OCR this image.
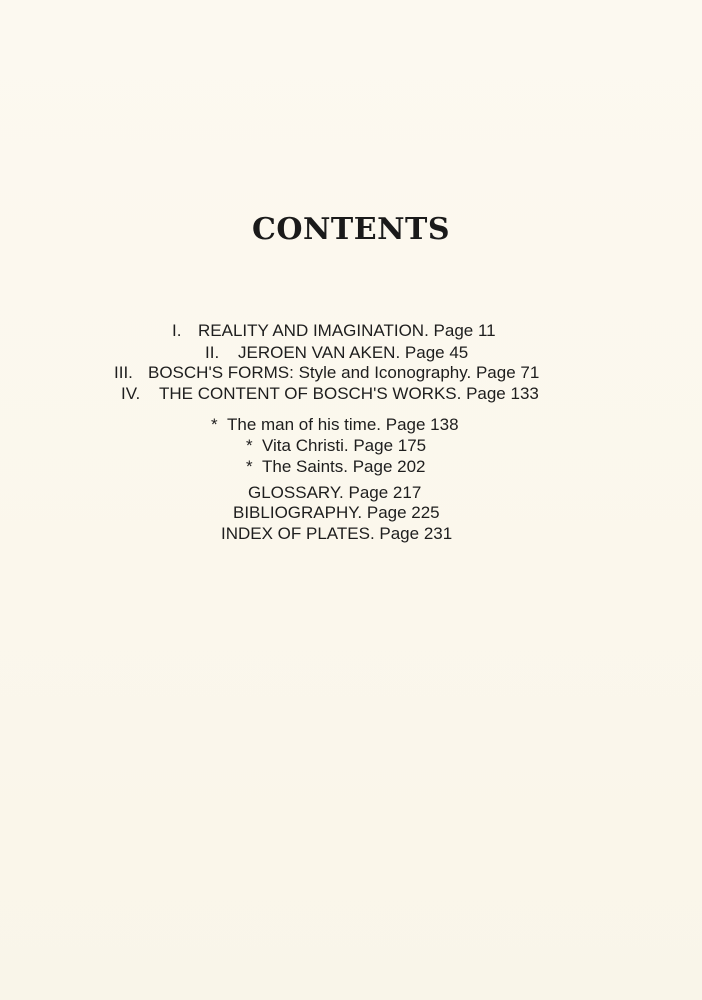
CONTENTS
I. REALITY AND IMAGINATION. Page 11
II. JEROEN VAN AKEN. Page 45
III. BOSCH'S FORMS: Style and Iconography. Page 71
IV. THE CONTENT OF BOSCH'S WORKS. Page 133
* The man of his time. Page 138
* Vita Christi. Page 175
* The Saints. Page 202
GLOSSARY. Page 217
BIBLIOGRAPHY. Page 225
INDEX OF PLATES. Page 231
